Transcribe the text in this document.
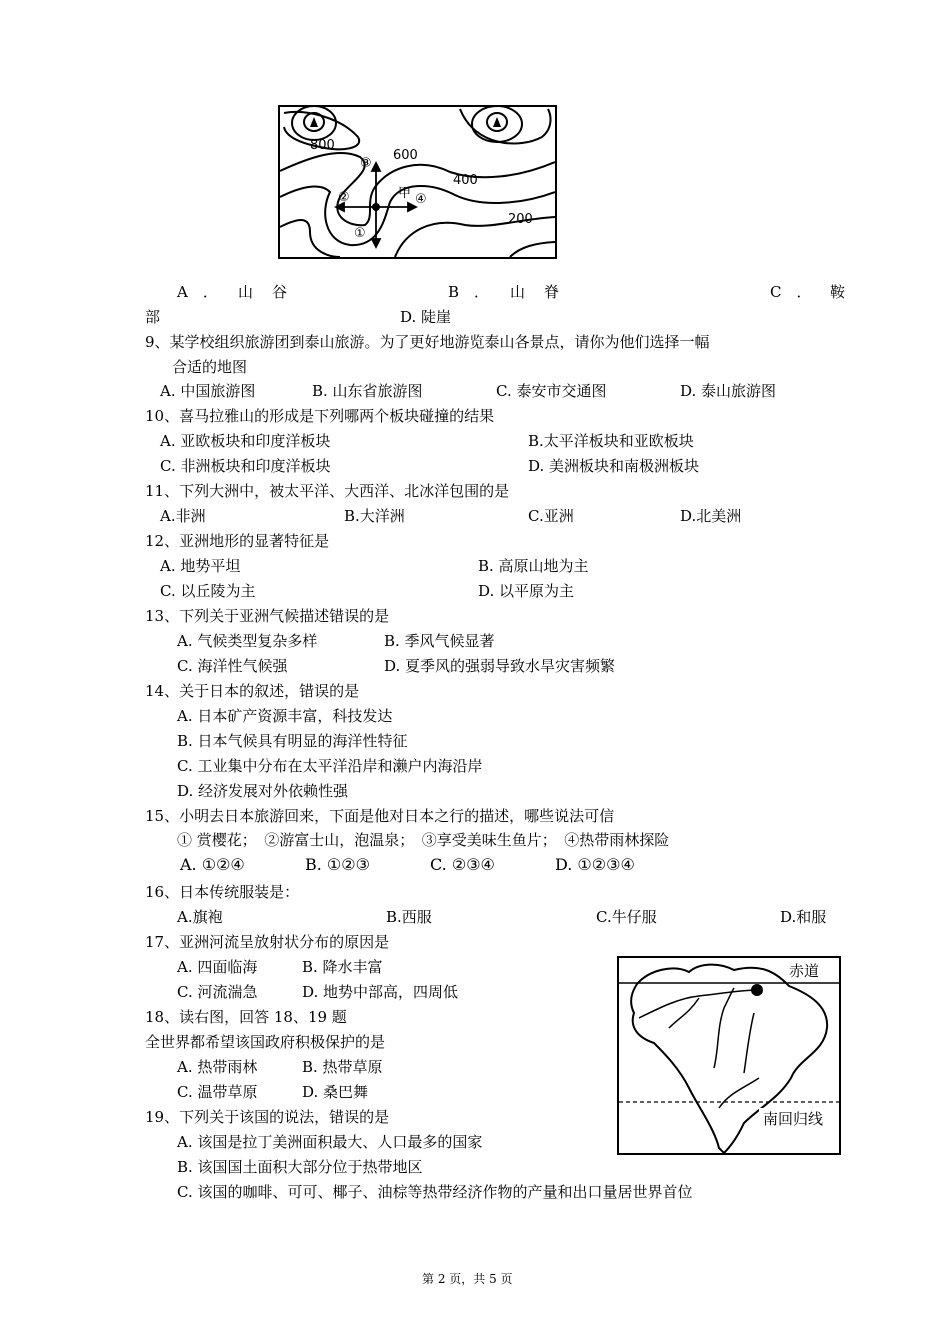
800
600
400
200
甲
③
②	④
①
A　． 山　谷	B　． 山　脊	C　． 鞍
部	D. 陡崖
9、某学校组织旅游团到泰山旅游。为了更好地游览泰山各景点，请你为他们选择一幅
合适的地图
A. 中国旅游图	B. 山东省旅游图	C. 泰安市交通图	D. 泰山旅游图
10、喜马拉雅山的形成是下列哪两个板块碰撞的结果
A. 亚欧板块和印度洋板块	B.太平洋板块和亚欧板块
C. 非洲板块和印度洋板块	D. 美洲板块和南极洲板块
11、下列大洲中，被太平洋、大西洋、北冰洋包围的是
A.非洲	B.大洋洲	C.亚洲	D.北美洲
12、亚洲地形的显著特征是
A. 地势平坦	B. 高原山地为主
C. 以丘陵为主	D. 以平原为主
13、下列关于亚洲气候描述错误的是
A. 气候类型复杂多样	B. 季风气候显著
C. 海洋性气候强	D. 夏季风的强弱导致水旱灾害频繁
14、关于日本的叙述，错误的是
A. 日本矿产资源丰富，科技发达
B. 日本气候具有明显的海洋性特征
C. 工业集中分布在太平洋沿岸和濑户内海沿岸
D. 经济发展对外依赖性强
15、小明去日本旅游回来，下面是他对日本之行的描述，哪些说法可信
① 赏樱花；　②游富士山，泡温泉；　③享受美味生鱼片；　④热带雨林探险
A. ①②④	B. ①②③	C. ②③④	D. ①②③④
16、日本传统服装是：
A.旗袍	B.西服	C.牛仔服	D.和服
17、亚洲河流呈放射状分布的原因是
A. 四面临海	B. 降水丰富
C. 河流湍急	D. 地势中部高，四周低
18、读右图，回答 18、19 题
全世界都希望该国政府积极保护的是
A. 热带雨林	B. 热带草原
C. 温带草原	D. 桑巴舞
19、下列关于该国的说法，错误的是
A. 该国是拉丁美洲面积最大、人口最多的国家
B. 该国国土面积大部分位于热带地区
C. 该国的咖啡、可可、椰子、油棕等热带经济作物的产量和出口量居世界首位
赤道
南回归线
第 2 页，共 5 页
